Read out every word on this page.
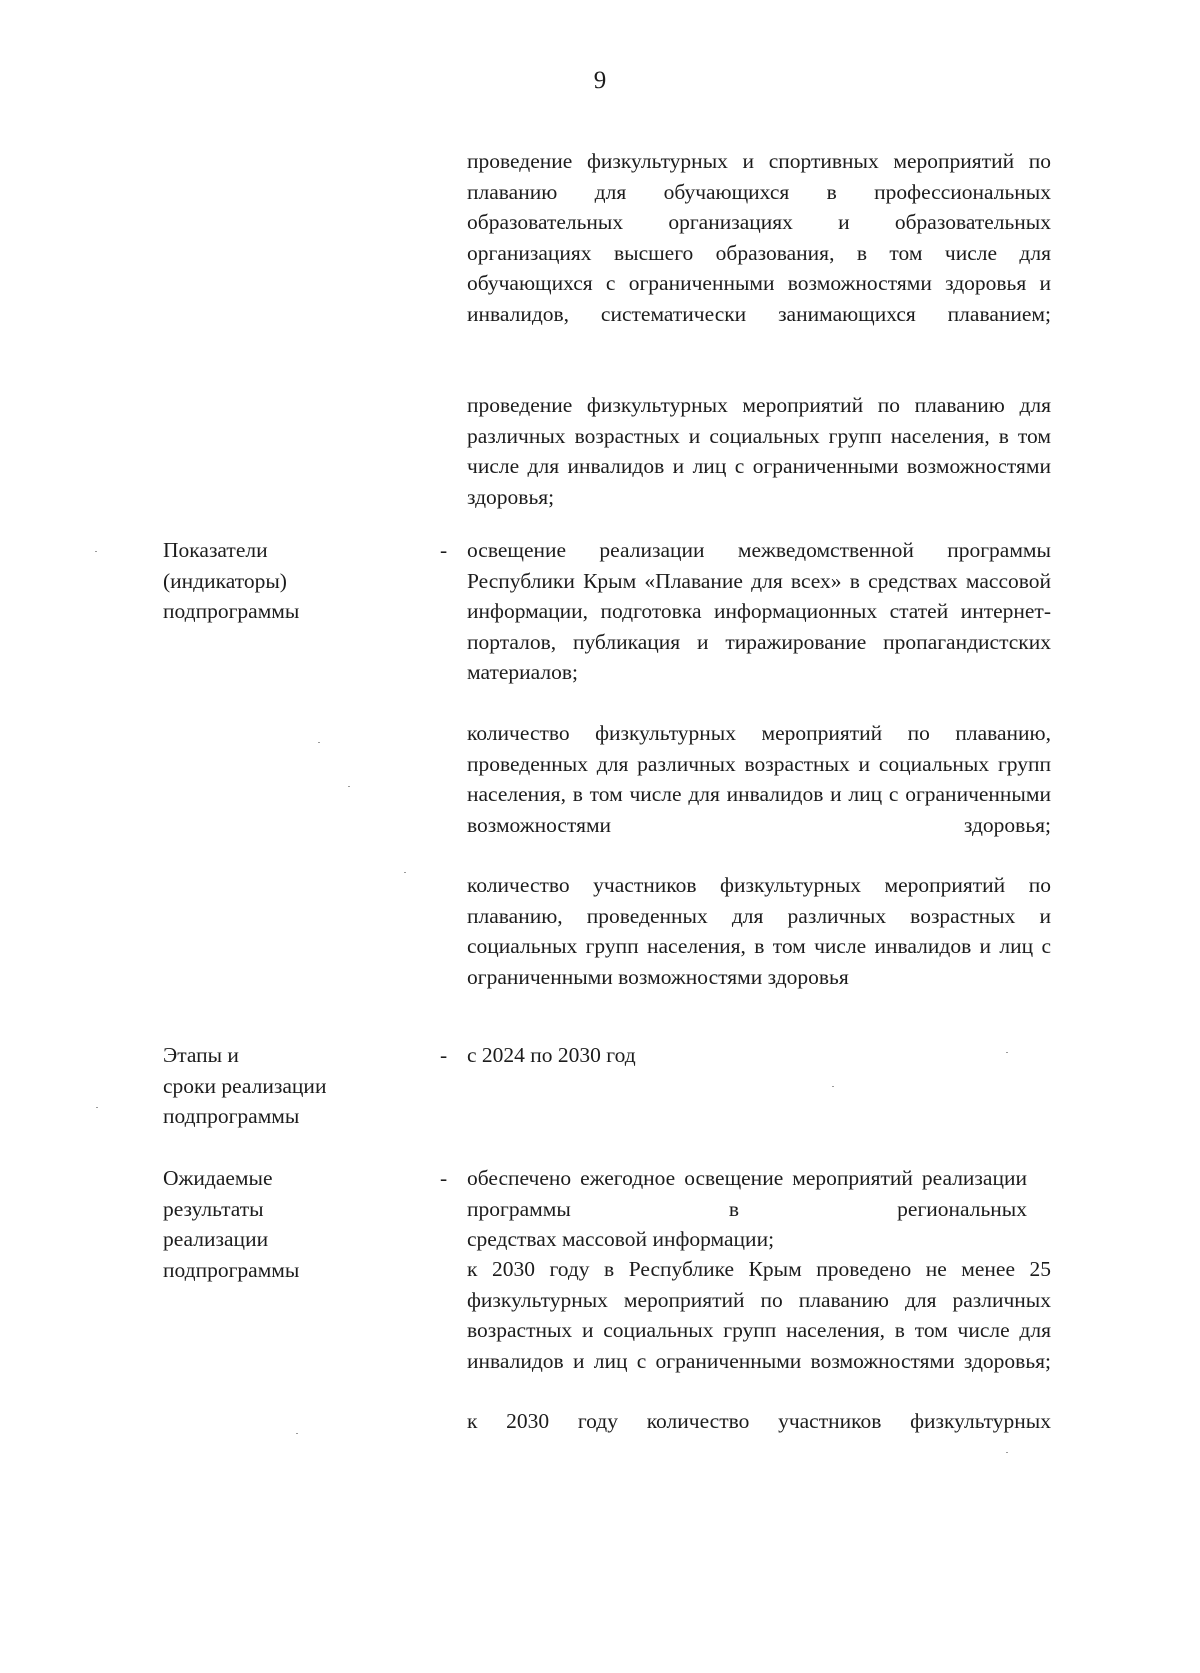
9
проведение физкультурных и спортивных мероприятий по плаванию для обучающихся в профессиональных образовательных организациях и образовательных организациях высшего образования, в том числе для обучающихся с ограниченными возможностями здоровья и инвалидов, систематически занимающихся плаванием;
проведение физкультурных мероприятий по плаванию для различных возрастных и социальных групп населения, в том числе для инвалидов и лиц с ограниченными возможностями здоровья;
Показатели
(индикаторы)
подпрограммы
- освещение реализации межведомственной программы Республики Крым «Плавание для всех» в средствах массовой информации, подготовка информационных статей интернет- порталов, публикация и тиражирование пропагандистских материалов;
количество физкультурных мероприятий по плаванию, проведенных для различных возрастных и социальных групп населения, в том числе для инвалидов и лиц с ограниченными возможностями здоровья;
количество участников физкультурных мероприятий по плаванию, проведенных для различных возрастных и социальных групп населения, в том числе инвалидов и лиц с ограниченными возможностями здоровья
Этапы и
сроки реализации
подпрограммы
- с 2024 по 2030 год
Ожидаемые
результаты
реализации
подпрограммы
- обеспечено ежегодное освещение мероприятий реализации программы в региональных
средствах массовой информации;
к 2030 году в Республике Крым проведено не менее 25 физкультурных мероприятий по плаванию для различных возрастных и социальных групп населения, в том числе для инвалидов и лиц с ограниченными возможностями здоровья;
к 2030 году количество участников физкультурных
